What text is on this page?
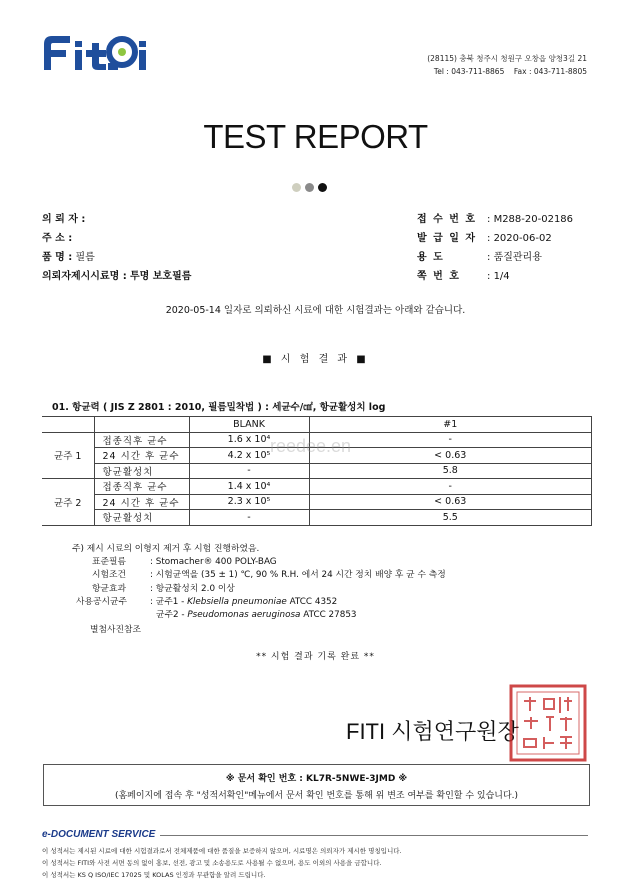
(28115) 충북 청주시 청원구 오창읍 양청3길 21
Tel : 043-711-8865 Fax : 043-711-8805
TEST REPORT
의 뢰 자 :
주 소 :
품 명 : 필름
의뢰자제시시료명 : 투명 보호필름
접 수 번 호 : M288-20-02186
발 급 일 자 : 2020-06-02
용 도	: 품질관리용
쪽 번 호	: 1/4
2020-05-14 일자로 의뢰하신 시료에 대한 시험결과는 아래와 같습니다.
■ 시 험 결 과 ■
01. 항균력 ( JIS Z 2801 : 2010, 필름밀착법 ) : 세균수/㎠, 항균활성치 log
		BLANK	#1
균주 1	접종직후 균수	1.6 x 10⁴	-
	24 시간 후 균수	4.2 x 10⁵	< 0.63
	항균활성치	-	5.8
균주 2	접종직후 균수	1.4 x 10⁴	-
	24 시간 후 균수	2.3 x 10⁵	< 0.63
	항균활성치	-	5.5
reedee.en
주) 제시 시료의 이형지 제거 후 시험 진행하였음.
표준필름	: Stomacher® 400 POLY-BAG
시험조건	: 시험균액을 (35 ± 1) ℃, 90 % R.H. 에서 24 시간 정치 배양 후 균 수 측정
항균효과	: 항균활성치 2.0 이상
사용공시균주	: 균주1 - Klebsiella pneumoniae ATCC 4352
균주2 - Pseudomonas aeruginosa ATCC 27853
별첨사진참조
** 시험 결과 기록 완료 **
FITI 시험연구원장
※ 문서 확인 번호 : KL7R-5NWE-3JMD ※
(홈페이지에 접속 후 "성적서확인"메뉴에서 문서 확인 번호를 통해 위 변조 여부를 확인할 수 있습니다.)
e-DOCUMENT SERVICE
이 성적서는 제시된 시료에 대한 시험결과로서 전체제품에 대한 품질을 보증하지 않으며, 시료명은 의뢰자가 제시한 명칭입니다.
이 성적서는 FITI와 사전 서면 동의 없이 홍보, 선전, 광고 및 소송용도로 사용될 수 없으며, 용도 이외의 사용을 금합니다.
이 성적서는 KS Q ISO/IEC 17025 및 KOLAS 인정과 무관함을 알려 드립니다.
